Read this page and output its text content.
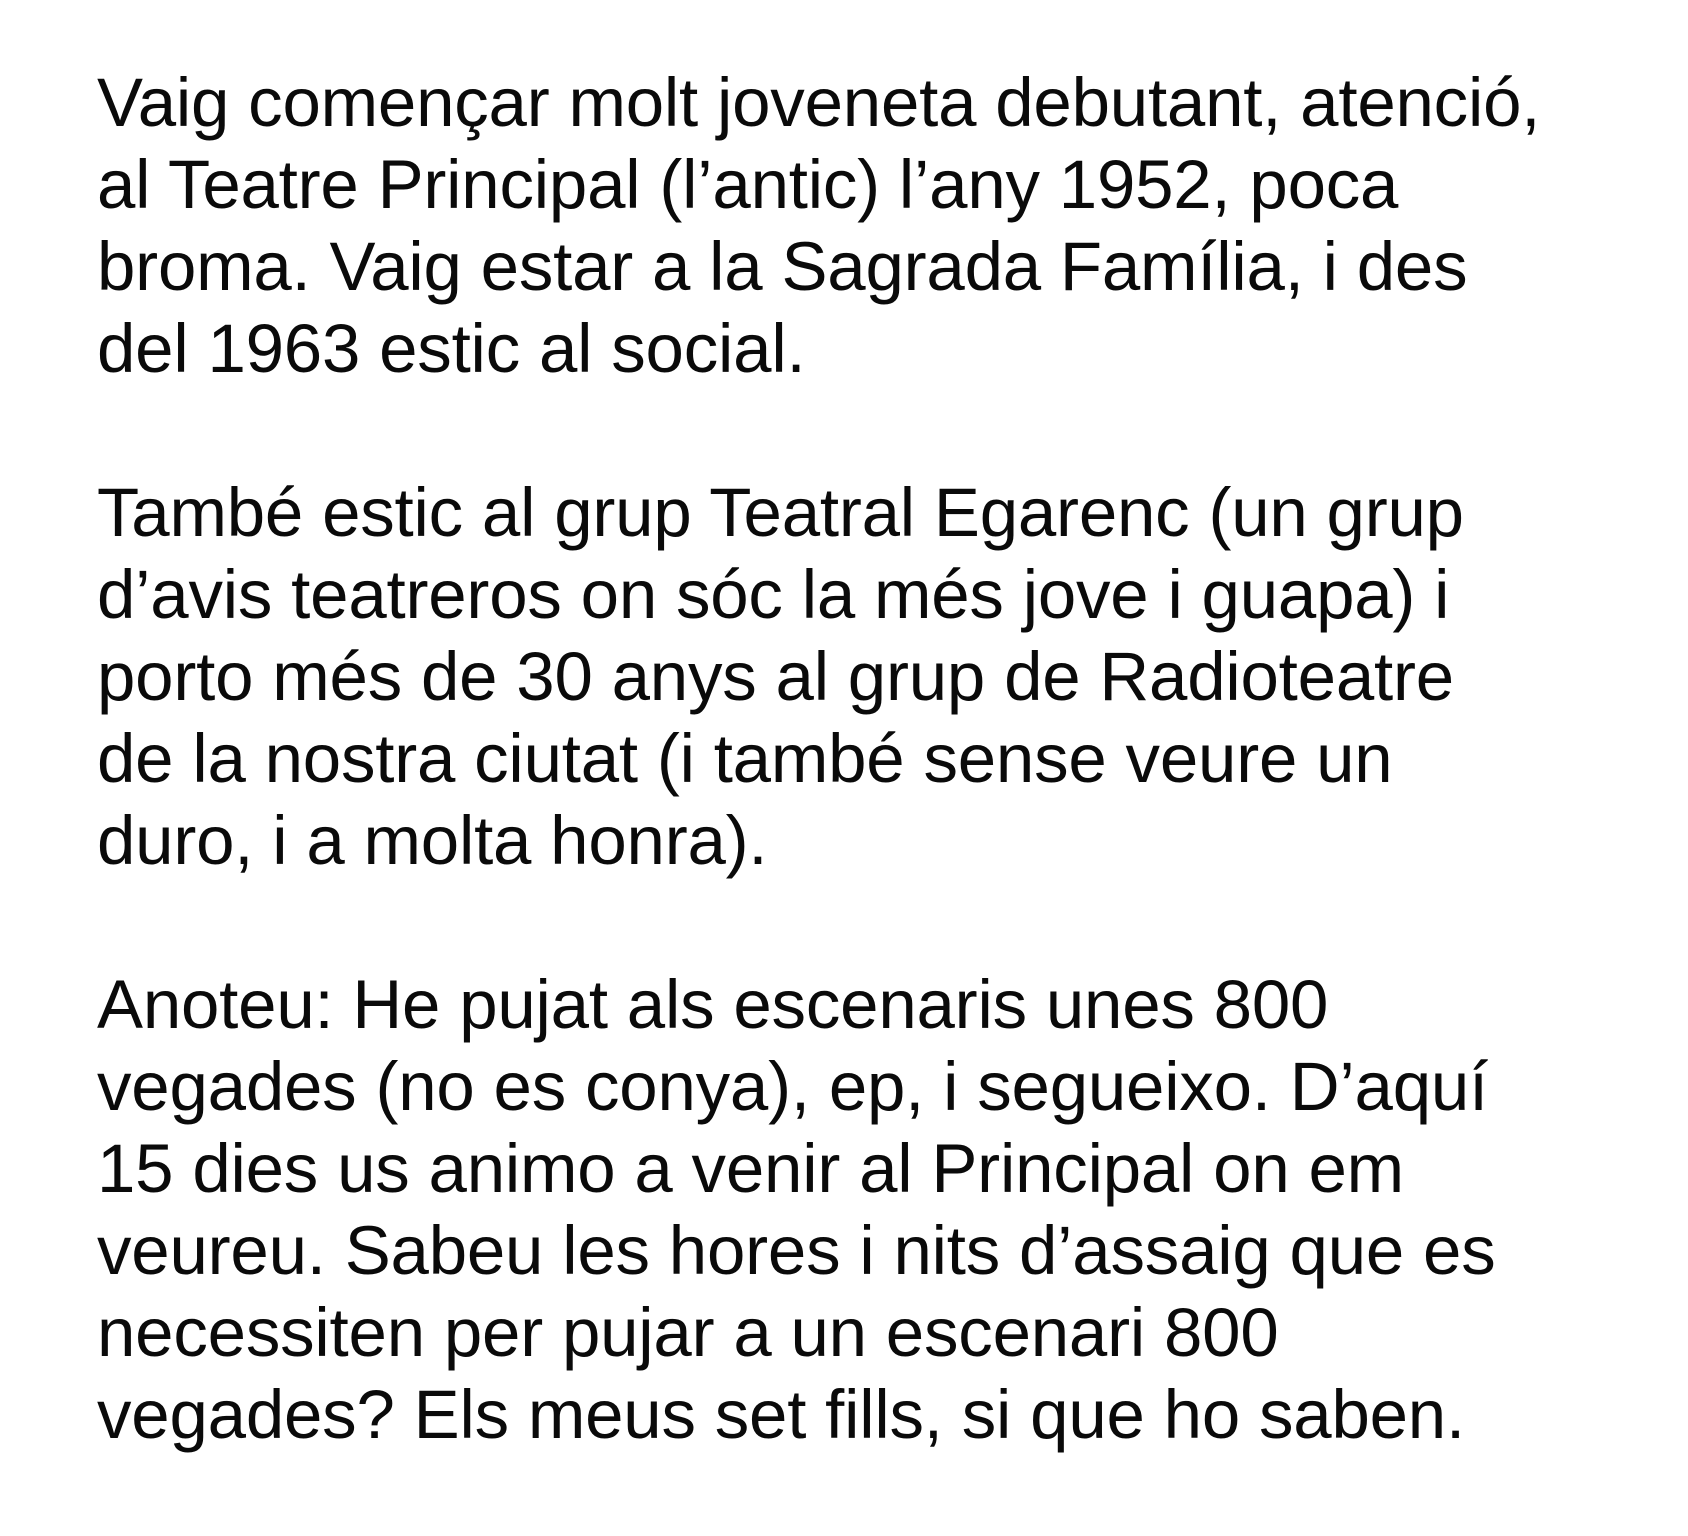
Vaig començar molt joveneta debutant, atenció,
al Teatre Principal (l’antic) l’any 1952, poca
broma. Vaig estar a la Sagrada Família, i des
del 1963 estic al social.
També estic al grup Teatral Egarenc (un grup
d’avis teatreros on sóc la més jove i guapa) i
porto més de 30 anys al grup de Radioteatre
de la nostra ciutat (i també sense veure un
duro, i a molta honra).
Anoteu: He pujat als escenaris unes 800
vegades (no es conya), ep, i segueixo. D’aquí
15 dies us animo a venir al Principal on em
veureu. Sabeu les hores i nits d’assaig que es
necessiten per pujar a un escenari 800
vegades? Els meus set fills, si que ho saben.
